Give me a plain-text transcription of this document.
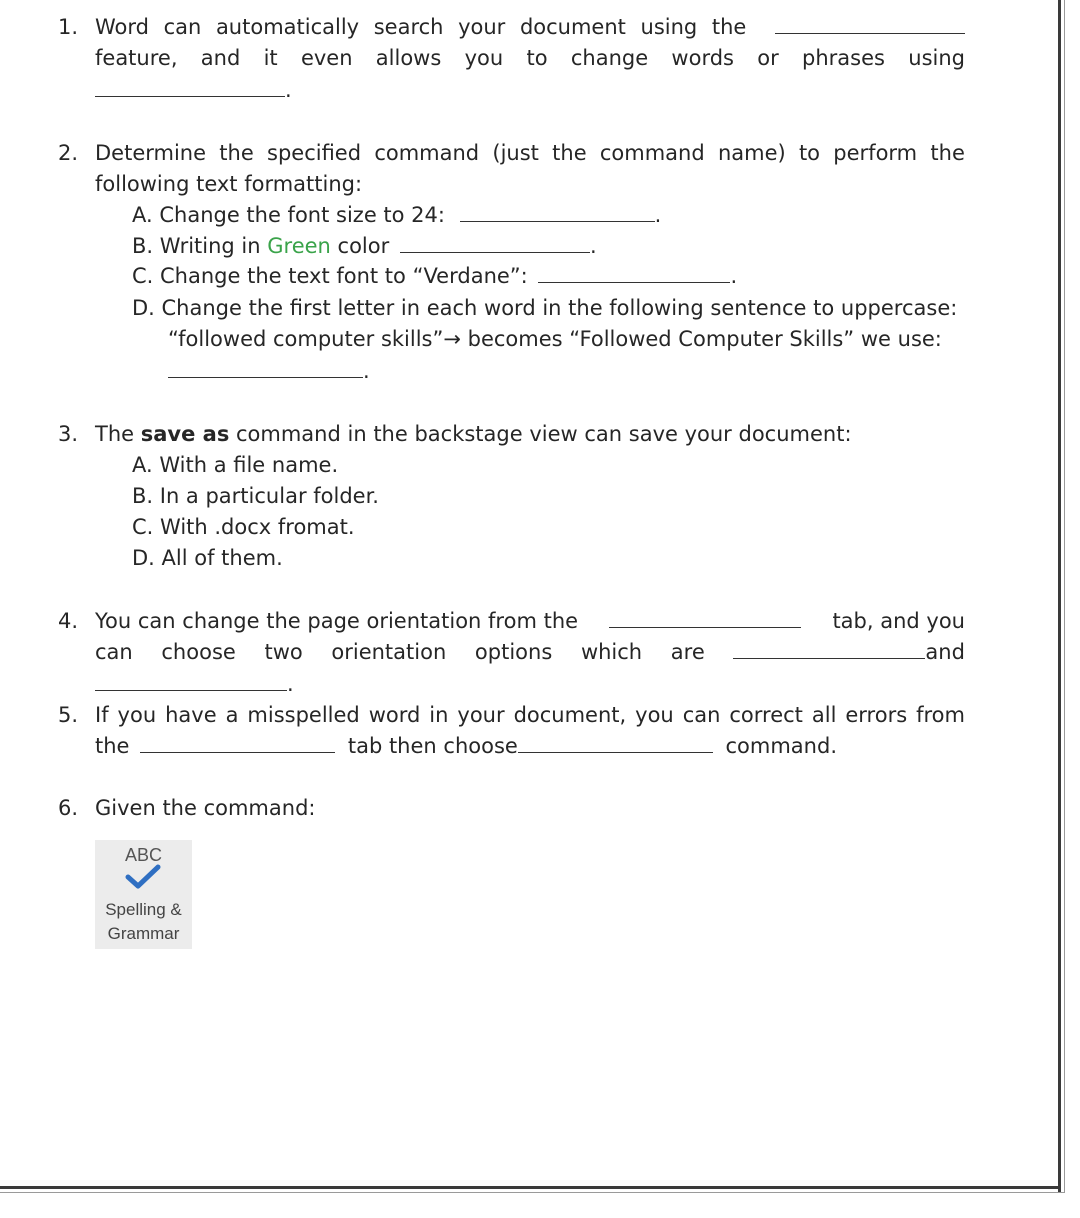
1. Word can automatically search your document using the
feature, and it even allows you to change words or phrases using
.
2. Determine the specified command (just the command name) to perform the
following text formatting:
A. Change the font size to 24:	.
B. Writing in Green color	.
C. Change the text font to “Verdane”:	.
D. Change the first letter in each word in the following sentence to uppercase:
“followed computer skills”→ becomes “Followed Computer Skills” we use:
.
3. The save as command in the backstage view can save your document:
A. With a file name.
B. In a particular folder.
C. With .docx fromat.
D. All of them.
4. You can change the page orientation from the	tab, and you
can choose two orientation options which are	and
.
5. If you have a misspelled word in your document, you can correct all errors from
the	tab then choose	command.
6. Given the command:
ABC
Spelling &
Grammar
